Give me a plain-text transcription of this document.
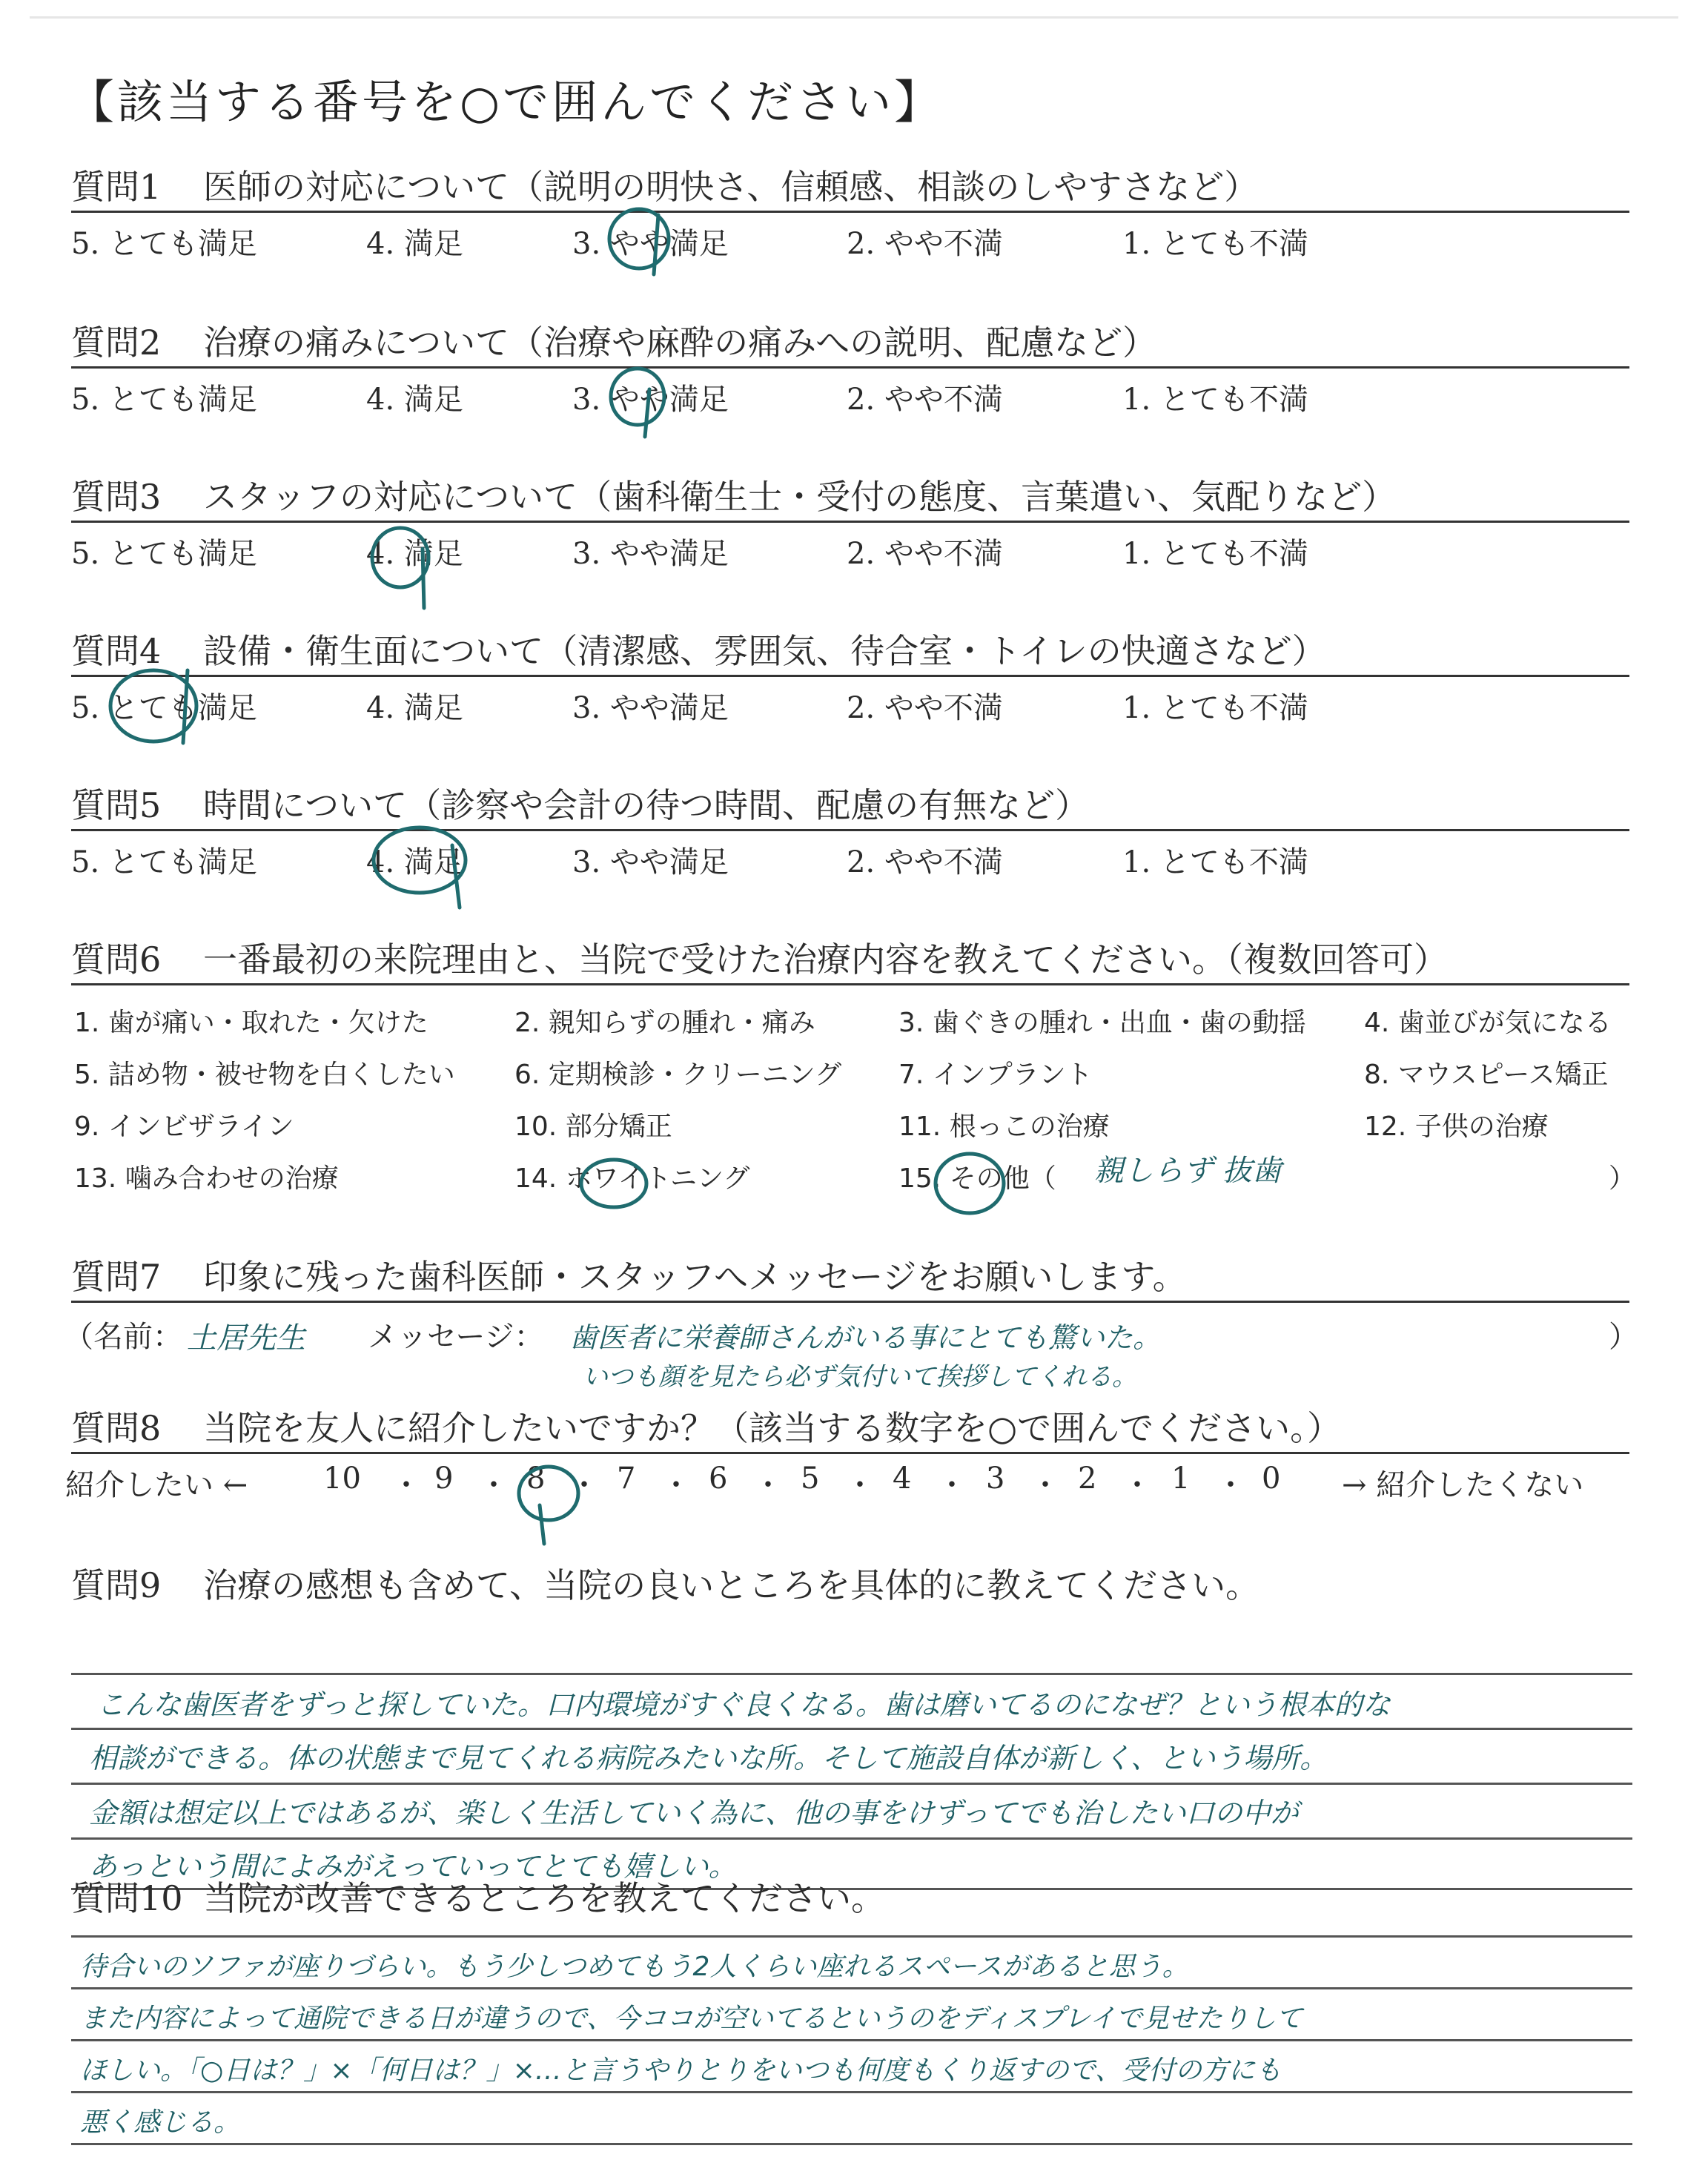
【該当する番号を○で囲んでください】
質問1 医師の対応について（説明の明快さ、信頼感、相談のしやすさなど）
5. とても満足	4. 満足	3. やや満足	2. やや不満	1. とても不満
質問2 治療の痛みについて（治療や麻酔の痛みへの説明、配慮など）
5. とても満足	4. 満足	3. やや満足	2. やや不満	1. とても不満
質問3 スタッフの対応について（歯科衛生士・受付の態度、言葉遣い、気配りなど）
5. とても満足	4. 満足	3. やや満足	2. やや不満	1. とても不満
質問4 設備・衛生面について（清潔感、雰囲気、待合室・トイレの快適さなど）
5. とても満足	4. 満足	3. やや満足	2. やや不満	1. とても不満
質問5 時間について（診察や会計の待つ時間、配慮の有無など）
5. とても満足	4. 満足	3. やや満足	2. やや不満	1. とても不満
質問6 一番最初の来院理由と、当院で受けた治療内容を教えてください。（複数回答可）
1. 歯が痛い・取れた・欠けた	2. 親知らずの腫れ・痛み	3. 歯ぐきの腫れ・出血・歯の動揺 4. 歯並びが気になる
5. 詰め物・被せ物を白くしたい 6. 定期検診・クリーニング 7. インプラント	8. マウスピース矯正
9. インビザライン	10. 部分矯正	11. 根っこの治療	12. 子供の治療
13. 噛み合わせの治療	14. ホワイトニング	15. その他（	）
親しらず 抜歯
質問7 印象に残った歯科医師・スタッフへメッセージをお願いします。
（名前： 土居先生 メッセージ： 歯医者に栄養師さんがいる事にとても驚いた。
いつも顔を見たら必ず気付いて挨拶してくれる。
）
質問8 当院を友人に紹介したいですか？（該当する数字を○で囲んでください。）
紹介したい ←	10 ・ 9 ・ 8 ・ 7 ・ 6 ・ 5 ・ 4 ・ 3 ・ 2 ・ 1 ・ 0 → 紹介したくない
質問9 治療の感想も含めて、当院の良いところを具体的に教えてください。
こんな歯医者をずっと探していた。口内環境がすぐ良くなる。歯は磨いてるのになぜ？という根本的な
相談ができる。体の状態まで見てくれる病院みたいな所。そして施設自体が新しく、という場所。
金額は想定以上ではあるが、楽しく生活していく為に、他の事をけずってでも治したい口の中が
あっという間によみがえっていってとても嬉しい。
質問10 当院が改善できるところを教えてください。
待合いのソファが座りづらい。もう少しつめてもう2人くらい座れるスペースがあると思う。
また内容によって通院できる日が違うので、今ココが空いてるというのをディスプレイで見せたりして
ほしい。「○日は？」×「何日は？」×…と言うやりとりをいつも何度もくり返すので、受付の方にも
悪く感じる。
